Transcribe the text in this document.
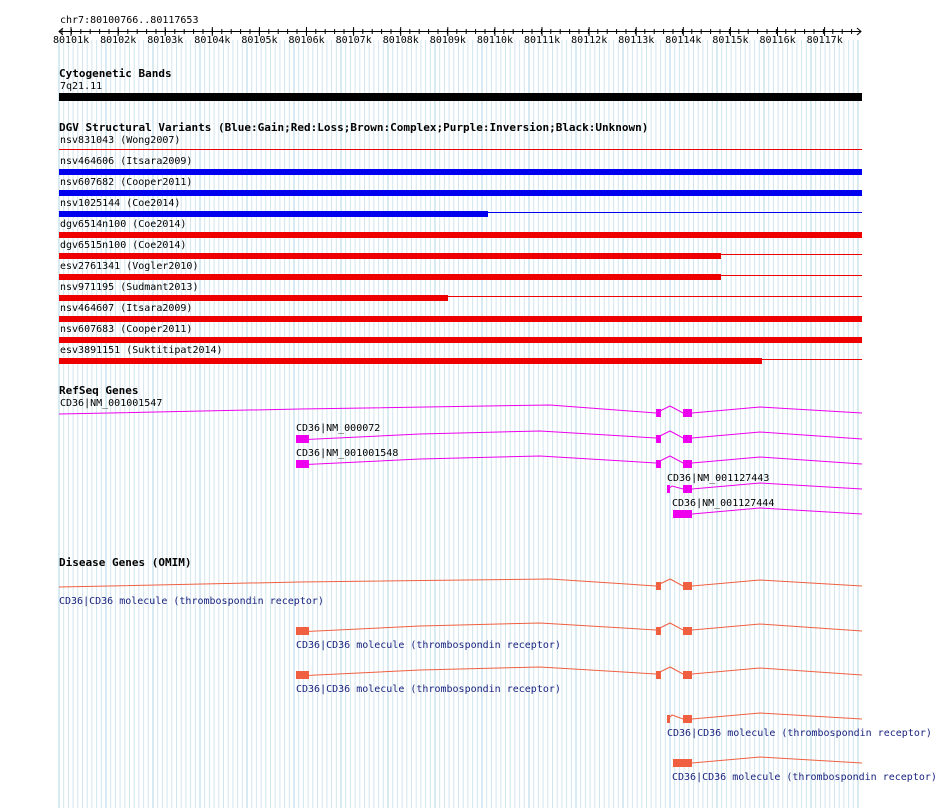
chr7:80100766..80117653
80101k 80102k 80103k 80104k 80105k 80106k 80107k 80108k 80109k 80110k 80111k 80112k 80113k 80114k 80115k 80116k 80117k
Cytogenetic Bands
7q21.11
DGV Structural Variants (Blue:Gain;Red:Loss;Brown:Complex;Purple:Inversion;Black:Unknown)
nsv831043 (Wong2007)
nsv464606 (Itsara2009)
nsv607682 (Cooper2011)
nsv1025144 (Coe2014)
dgv6514n100 (Coe2014)
dgv6515n100 (Coe2014)
esv2761341 (Vogler2010)
nsv971195 (Sudmant2013)
nsv464607 (Itsara2009)
nsv607683 (Cooper2011)
esv3891151 (Suktitipat2014)
RefSeq Genes
CD36|NM_001001547
CD36|NM_000072
CD36|NM_001001548
CD36|NM_001127443
CD36|NM_001127444
Disease Genes (OMIM)
CD36|CD36 molecule (thrombospondin receptor)
CD36|CD36 molecule (thrombospondin receptor)
CD36|CD36 molecule (thrombospondin receptor)
CD36|CD36 molecule (thrombospondin receptor)
CD36|CD36 molecule (thrombospondin receptor)
